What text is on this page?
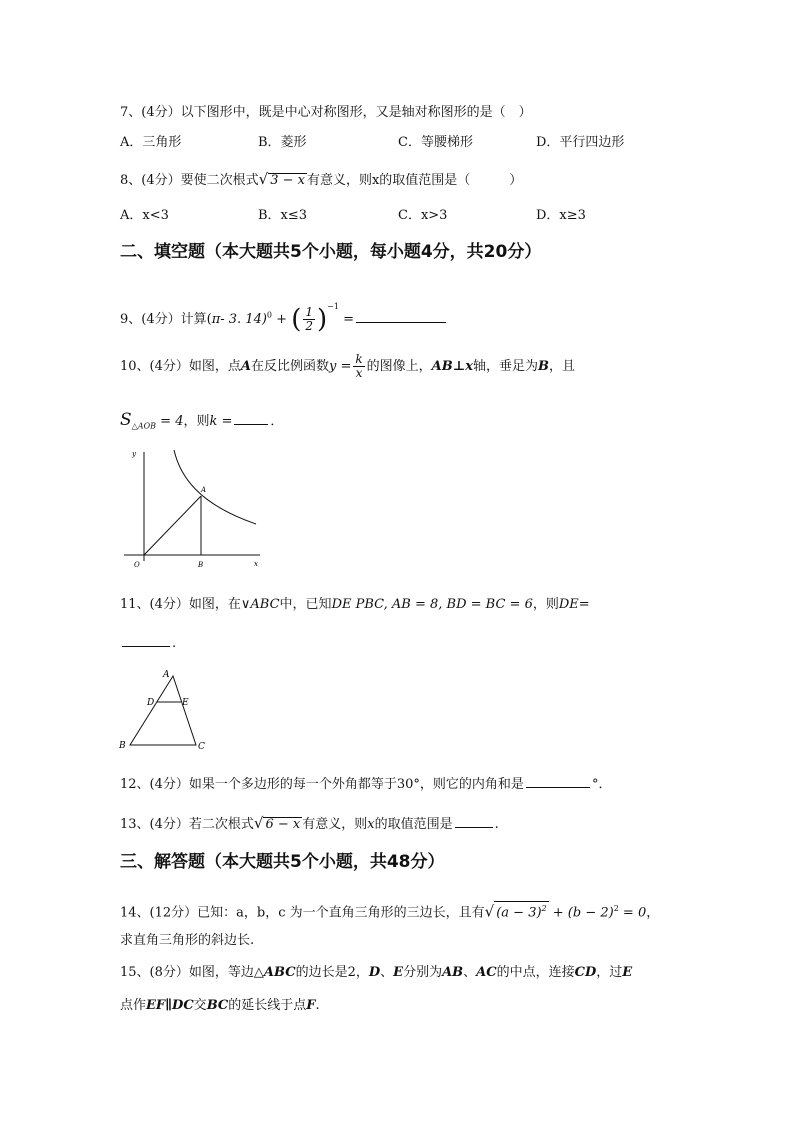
7、(4分）以下图形中，既是中心对称图形，又是轴对称图形的是（　）
A．三角形	B．菱形	C．等腰梯形	D．平行四边形
8、(4分）要使二次根式√ 3 − x 有意义，则x的取值范围是（　　　）
A．x<3	B．x≤3	C．x>3	D．x≥3
二、填空题（本大题共5个小题，每小题4分，共20分）
9、(4分）计算(π- 3. 14)$^0$ + ( $\frac{1}{2} )^{-1}$ =
10、(4分）如图，点A在反比例函数$y = \frac{k}{x}$ 的图像上，AB⊥x轴，垂足为B，且
$S_{\triangle AOB} = 4$，则k =	．
y
x
O
A
B
11、(4分）如图，在∨ABC中，已知DE PBC, AB = 8, BD = BC = 6，则DE=
.
A
B	C
D	E
12、(4分）如果一个多边形的每一个外角都等于30°，则它的内角和是	°．
13、(4分）若二次根式√ 6 − x 有意义，则x的取值范围是	.
三、解答题（本大题共5个小题，共48分）
14、(12分）已知：a，b，c 为一个直角三角形的三边长，且有√ $(a - 3)^2 + (b - 2)^2 = 0$，
求直角三角形的斜边长.
15、(8分）如图，等边△ABC的边长是2，D、E分别为AB、AC的中点，连接CD，过E
点作EF∥DC交BC的延长线于点F.
